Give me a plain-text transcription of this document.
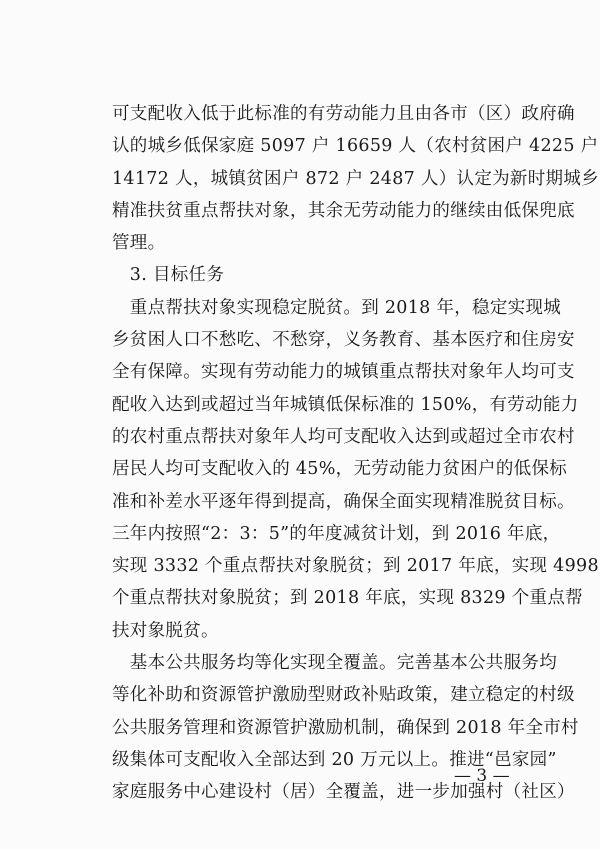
可支配收入低于此标准的有劳动能力且由各市（区）政府确
认的城乡低保家庭 5097 户 16659 人（农村贫困户 4225 户
14172 人，城镇贫困户 872 户 2487 人）认定为新时期城乡
精准扶贫重点帮扶对象，其余无劳动能力的继续由低保兜底
管理。
　3. 目标任务
　重点帮扶对象实现稳定脱贫。到 2018 年，稳定实现城
乡贫困人口不愁吃、不愁穿，义务教育、基本医疗和住房安
全有保障。实现有劳动能力的城镇重点帮扶对象年人均可支
配收入达到或超过当年城镇低保标准的 150%，有劳动能力
的农村重点帮扶对象年人均可支配收入达到或超过全市农村
居民人均可支配收入的 45%，无劳动能力贫困户的低保标
准和补差水平逐年得到提高，确保全面实现精准脱贫目标。
三年内按照“2：3：5”的年度减贫计划，到 2016 年底，
实现 3332 个重点帮扶对象脱贫；到 2017 年底，实现 4998
个重点帮扶对象脱贫；到 2018 年底，实现 8329 个重点帮
扶对象脱贫。
　基本公共服务均等化实现全覆盖。完善基本公共服务均
等化补助和资源管护激励型财政补贴政策，建立稳定的村级
公共服务管理和资源管护激励机制，确保到 2018 年全市村
级集体可支配收入全部达到 20 万元以上。推进“邑家园”
家庭服务中心建设村（居）全覆盖，进一步加强村（社区）
— 3 —
